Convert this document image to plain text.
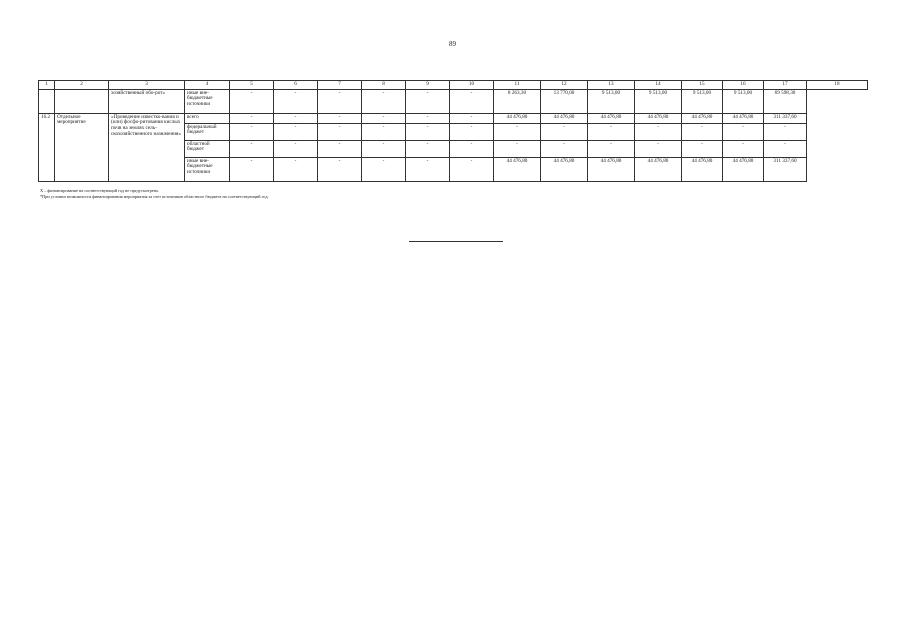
89
1	2	3	4	5	6	7	8	9	10	11	12	13	14	15	16	17	18
		хозяйственный обо-рот»	иные вне-бюджетные источники	-	-	-	-	-	-	8 263,30	13 770,00	9 513,00	9 513,00	9 513,00	9 513,00	69 598,30	
16.2	Отдельное мероприятие	«Проведение известко-вания и (или) фосфо-ритования кислых почв на землях сель-скохозяйственного назначения»	всего	-	-	-	-	-	-	44 476,80	44 476,80	44 476,80	44 476,80	44 476,80	44 476,80	311 337,60	
			федеральный бюджет	-	-	-	-	-	-	-	-	-	-	-	-	-	
			областной бюджет	-	-	-	-	-	-	-	-	-	-	-	-	-	
			иные вне-бюджетные источники	-	-	-	-	-	-	44 476,80	44 476,80	44 476,80	44 476,80	44 476,80	44 476,80	311 337,60	
X – финансирование на соответствующий год не предусмотрено.
*При условии возможности финансирования мероприятия за счет источников областного бюджета на соответствующий год.
